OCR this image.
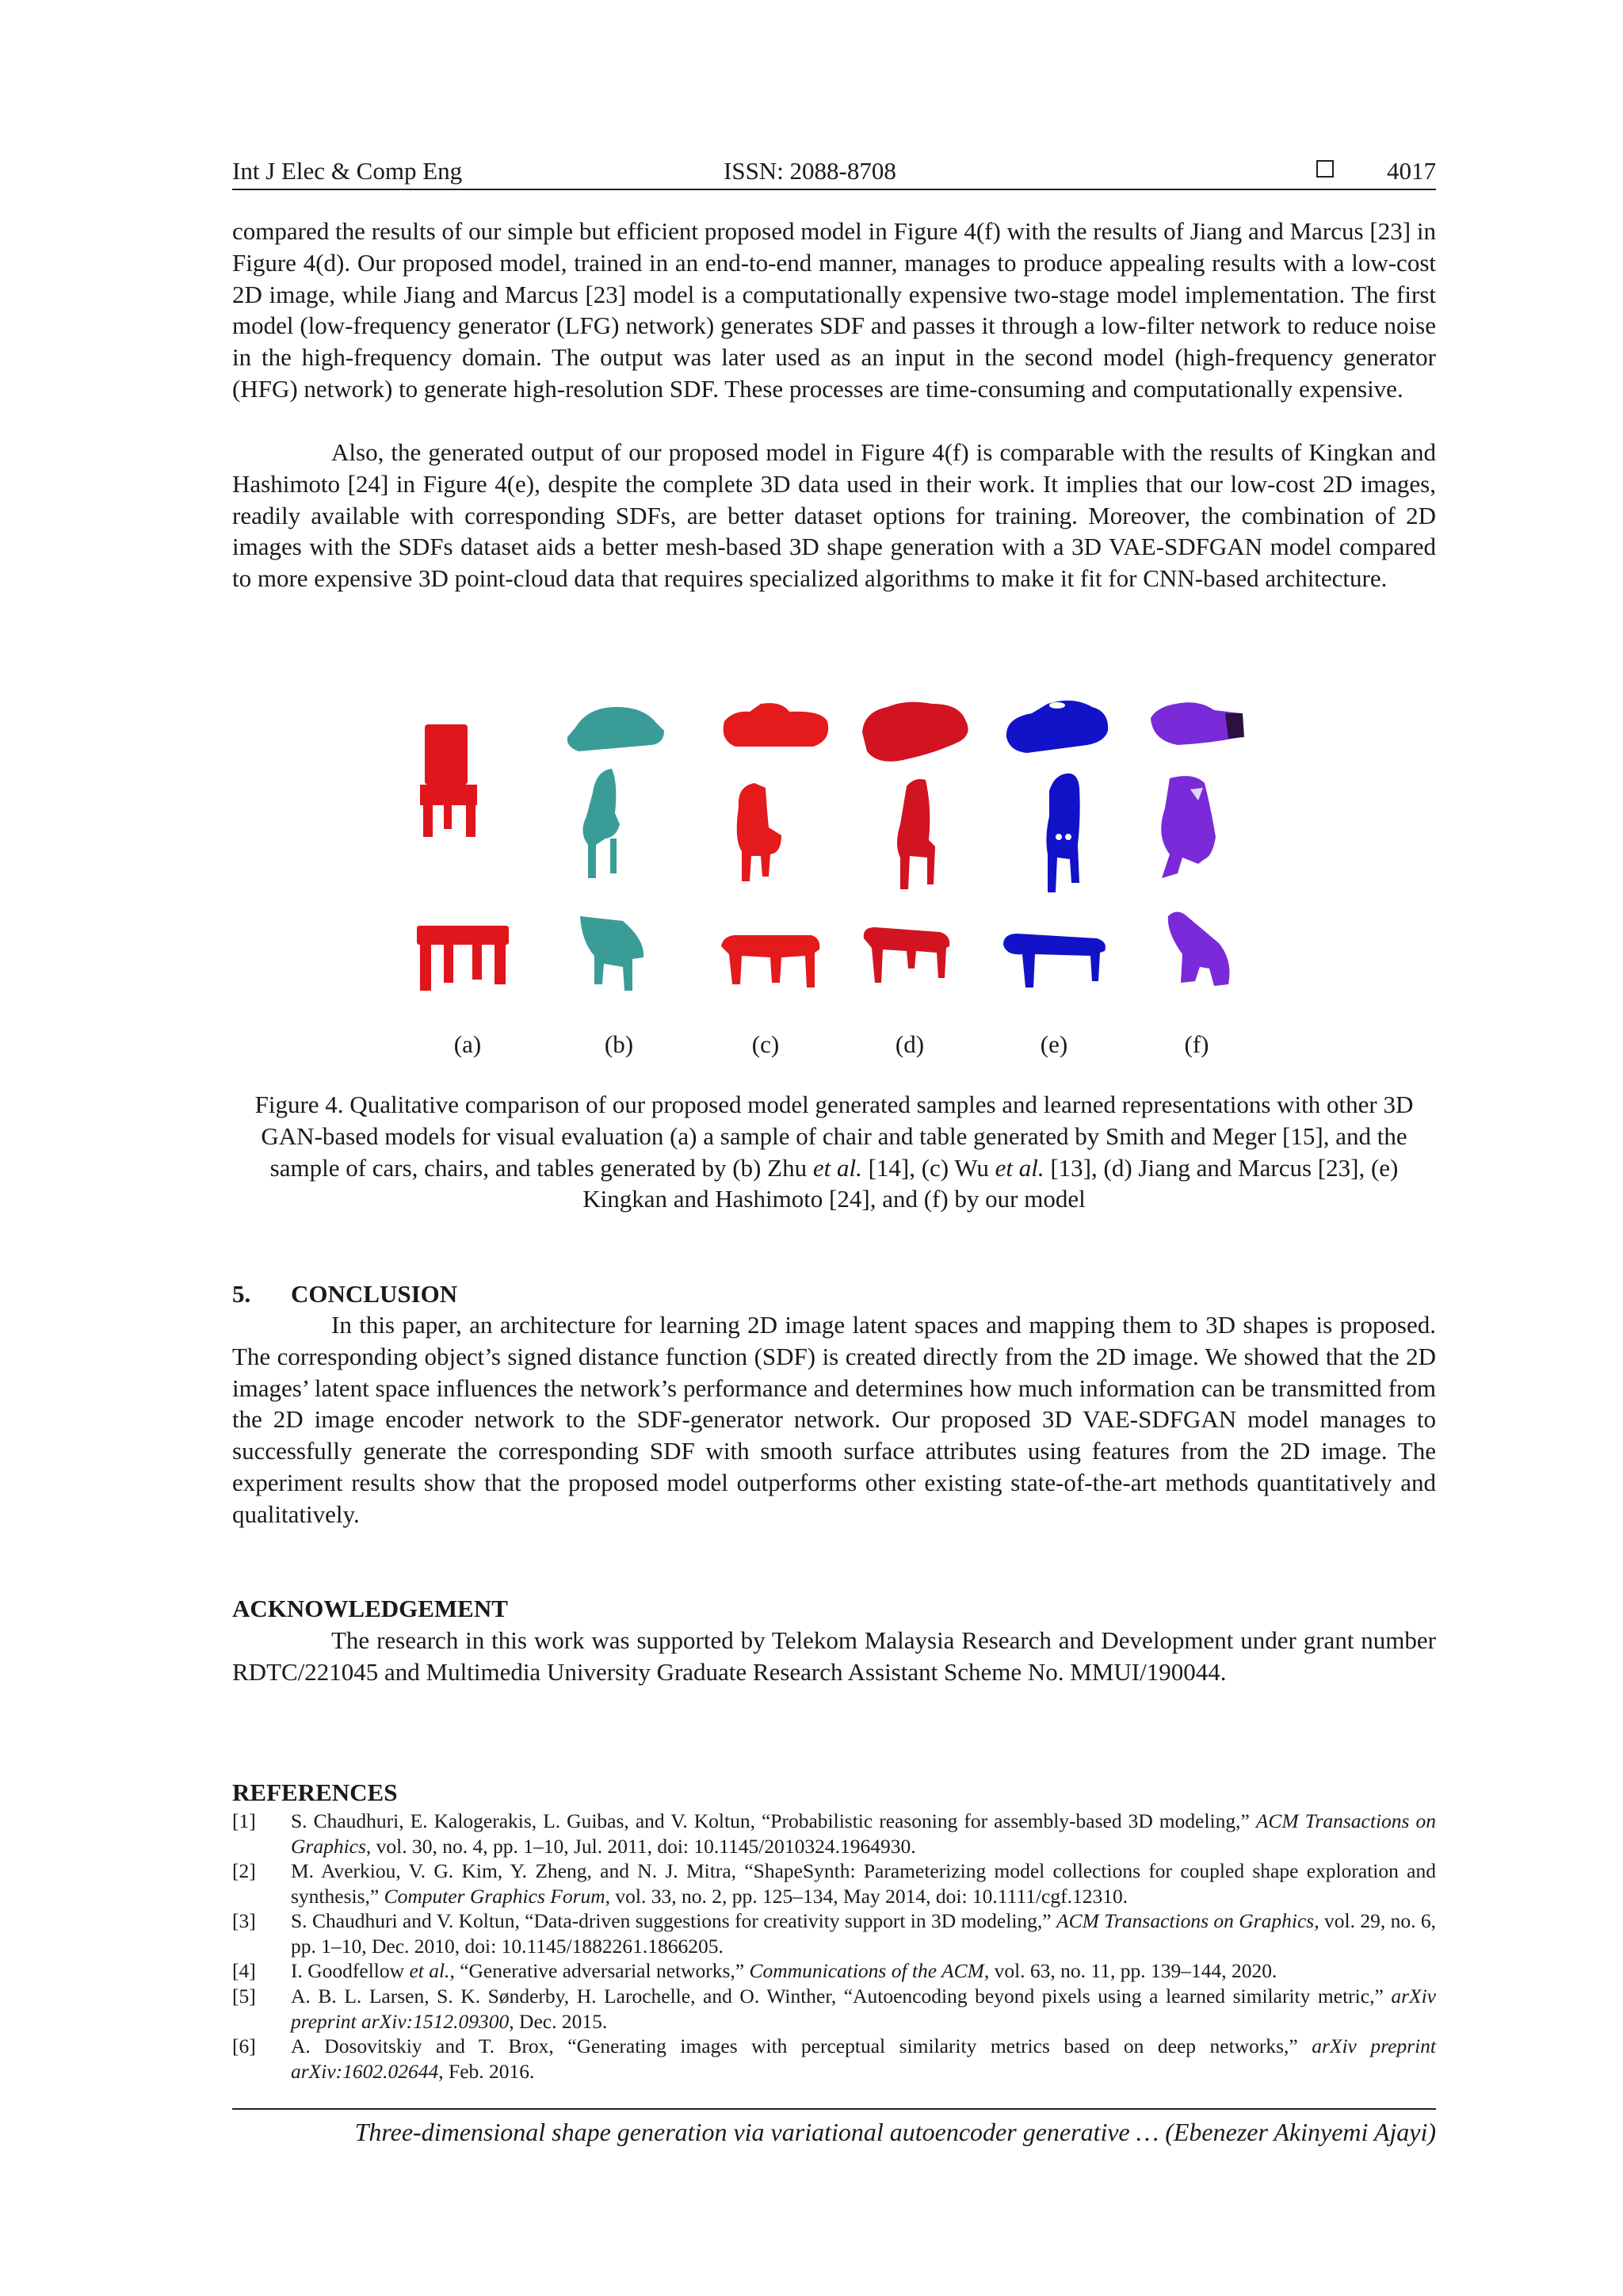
Int J Elec & Comp Eng	ISSN: 2088-8708	4017

compared the results of our simple but efficient proposed model in Figure 4(f) with the results of Jiang and Marcus [23] in Figure 4(d). Our proposed model, trained in an end-to-end manner, manages to produce appealing results with a low-cost 2D image, while Jiang and Marcus [23] model is a computationally expensive two-stage model implementation. The first model (low-frequency generator (LFG) network) generates SDF and passes it through a low-filter network to reduce noise in the high-frequency domain. The output was later used as an input in the second model (high-frequency generator (HFG) network) to generate high-resolution SDF. These processes are time-consuming and computationally expensive.

Also, the generated output of our proposed model in Figure 4(f) is comparable with the results of Kingkan and Hashimoto [24] in Figure 4(e), despite the complete 3D data used in their work. It implies that our low-cost 2D images, readily available with corresponding SDFs, are better dataset options for training. Moreover, the combination of 2D images with the SDFs dataset aids a better mesh-based 3D shape generation with a 3D VAE-SDFGAN model compared to more expensive 3D point-cloud data that requires specialized algorithms to make it fit for CNN-based architecture.

(a)	(b)	(c)	(d)	(e)	(f)

Figure 4. Qualitative comparison of our proposed model generated samples and learned representations with other 3D GAN-based models for visual evaluation (a) a sample of chair and table generated by Smith and Meger [15], and the sample of cars, chairs, and tables generated by (b) Zhu et al. [14], (c) Wu et al. [13], (d) Jiang and Marcus [23], (e) Kingkan and Hashimoto [24], and (f) by our model

5. CONCLUSION

In this paper, an architecture for learning 2D image latent spaces and mapping them to 3D shapes is proposed. The corresponding object’s signed distance function (SDF) is created directly from the 2D image. We showed that the 2D images’ latent space influences the network’s performance and determines how much information can be transmitted from the 2D image encoder network to the SDF-generator network. Our proposed 3D VAE-SDFGAN model manages to successfully generate the corresponding SDF with smooth surface attributes using features from the 2D image. The experiment results show that the proposed model outperforms other existing state-of-the-art methods quantitatively and qualitatively.

ACKNOWLEDGEMENT

The research in this work was supported by Telekom Malaysia Research and Development under grant number RDTC/221045 and Multimedia University Graduate Research Assistant Scheme No. MMUI/190044.

REFERENCES
[1] S. Chaudhuri, E. Kalogerakis, L. Guibas, and V. Koltun, “Probabilistic reasoning for assembly-based 3D modeling,” ACM Transactions on Graphics, vol. 30, no. 4, pp. 1–10, Jul. 2011, doi: 10.1145/2010324.1964930.
[2] M. Averkiou, V. G. Kim, Y. Zheng, and N. J. Mitra, “ShapeSynth: Parameterizing model collections for coupled shape exploration and synthesis,” Computer Graphics Forum, vol. 33, no. 2, pp. 125–134, May 2014, doi: 10.1111/cgf.12310.
[3] S. Chaudhuri and V. Koltun, “Data-driven suggestions for creativity support in 3D modeling,” ACM Transactions on Graphics, vol. 29, no. 6, pp. 1–10, Dec. 2010, doi: 10.1145/1882261.1866205.
[4] I. Goodfellow et al., “Generative adversarial networks,” Communications of the ACM, vol. 63, no. 11, pp. 139–144, 2020.
[5] A. B. L. Larsen, S. K. Sønderby, H. Larochelle, and O. Winther, “Autoencoding beyond pixels using a learned similarity metric,” arXiv preprint arXiv:1512.09300, Dec. 2015.
[6] A. Dosovitskiy and T. Brox, “Generating images with perceptual similarity metrics based on deep networks,” arXiv preprint arXiv:1602.02644, Feb. 2016.
Three-dimensional shape generation via variational autoencoder generative … (Ebenezer Akinyemi Ajayi)
